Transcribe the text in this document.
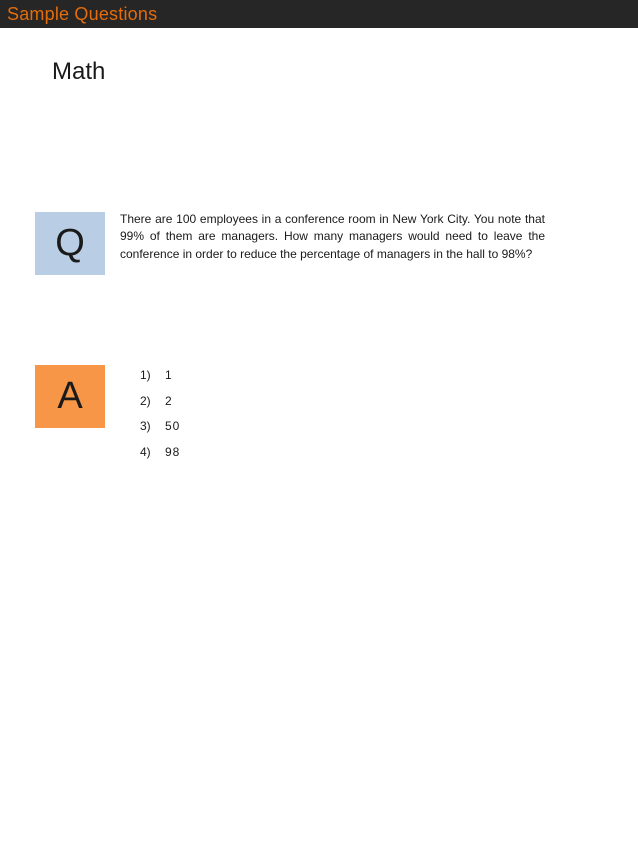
Sample Questions
Math
Q

There are 100 employees in a conference room in New York City. You note that 99% of them are managers. How many managers would need to leave the conference in order to reduce the percentage of managers in the hall to 98%?

A	1)	1
2)	2
3)	50
4)	98
